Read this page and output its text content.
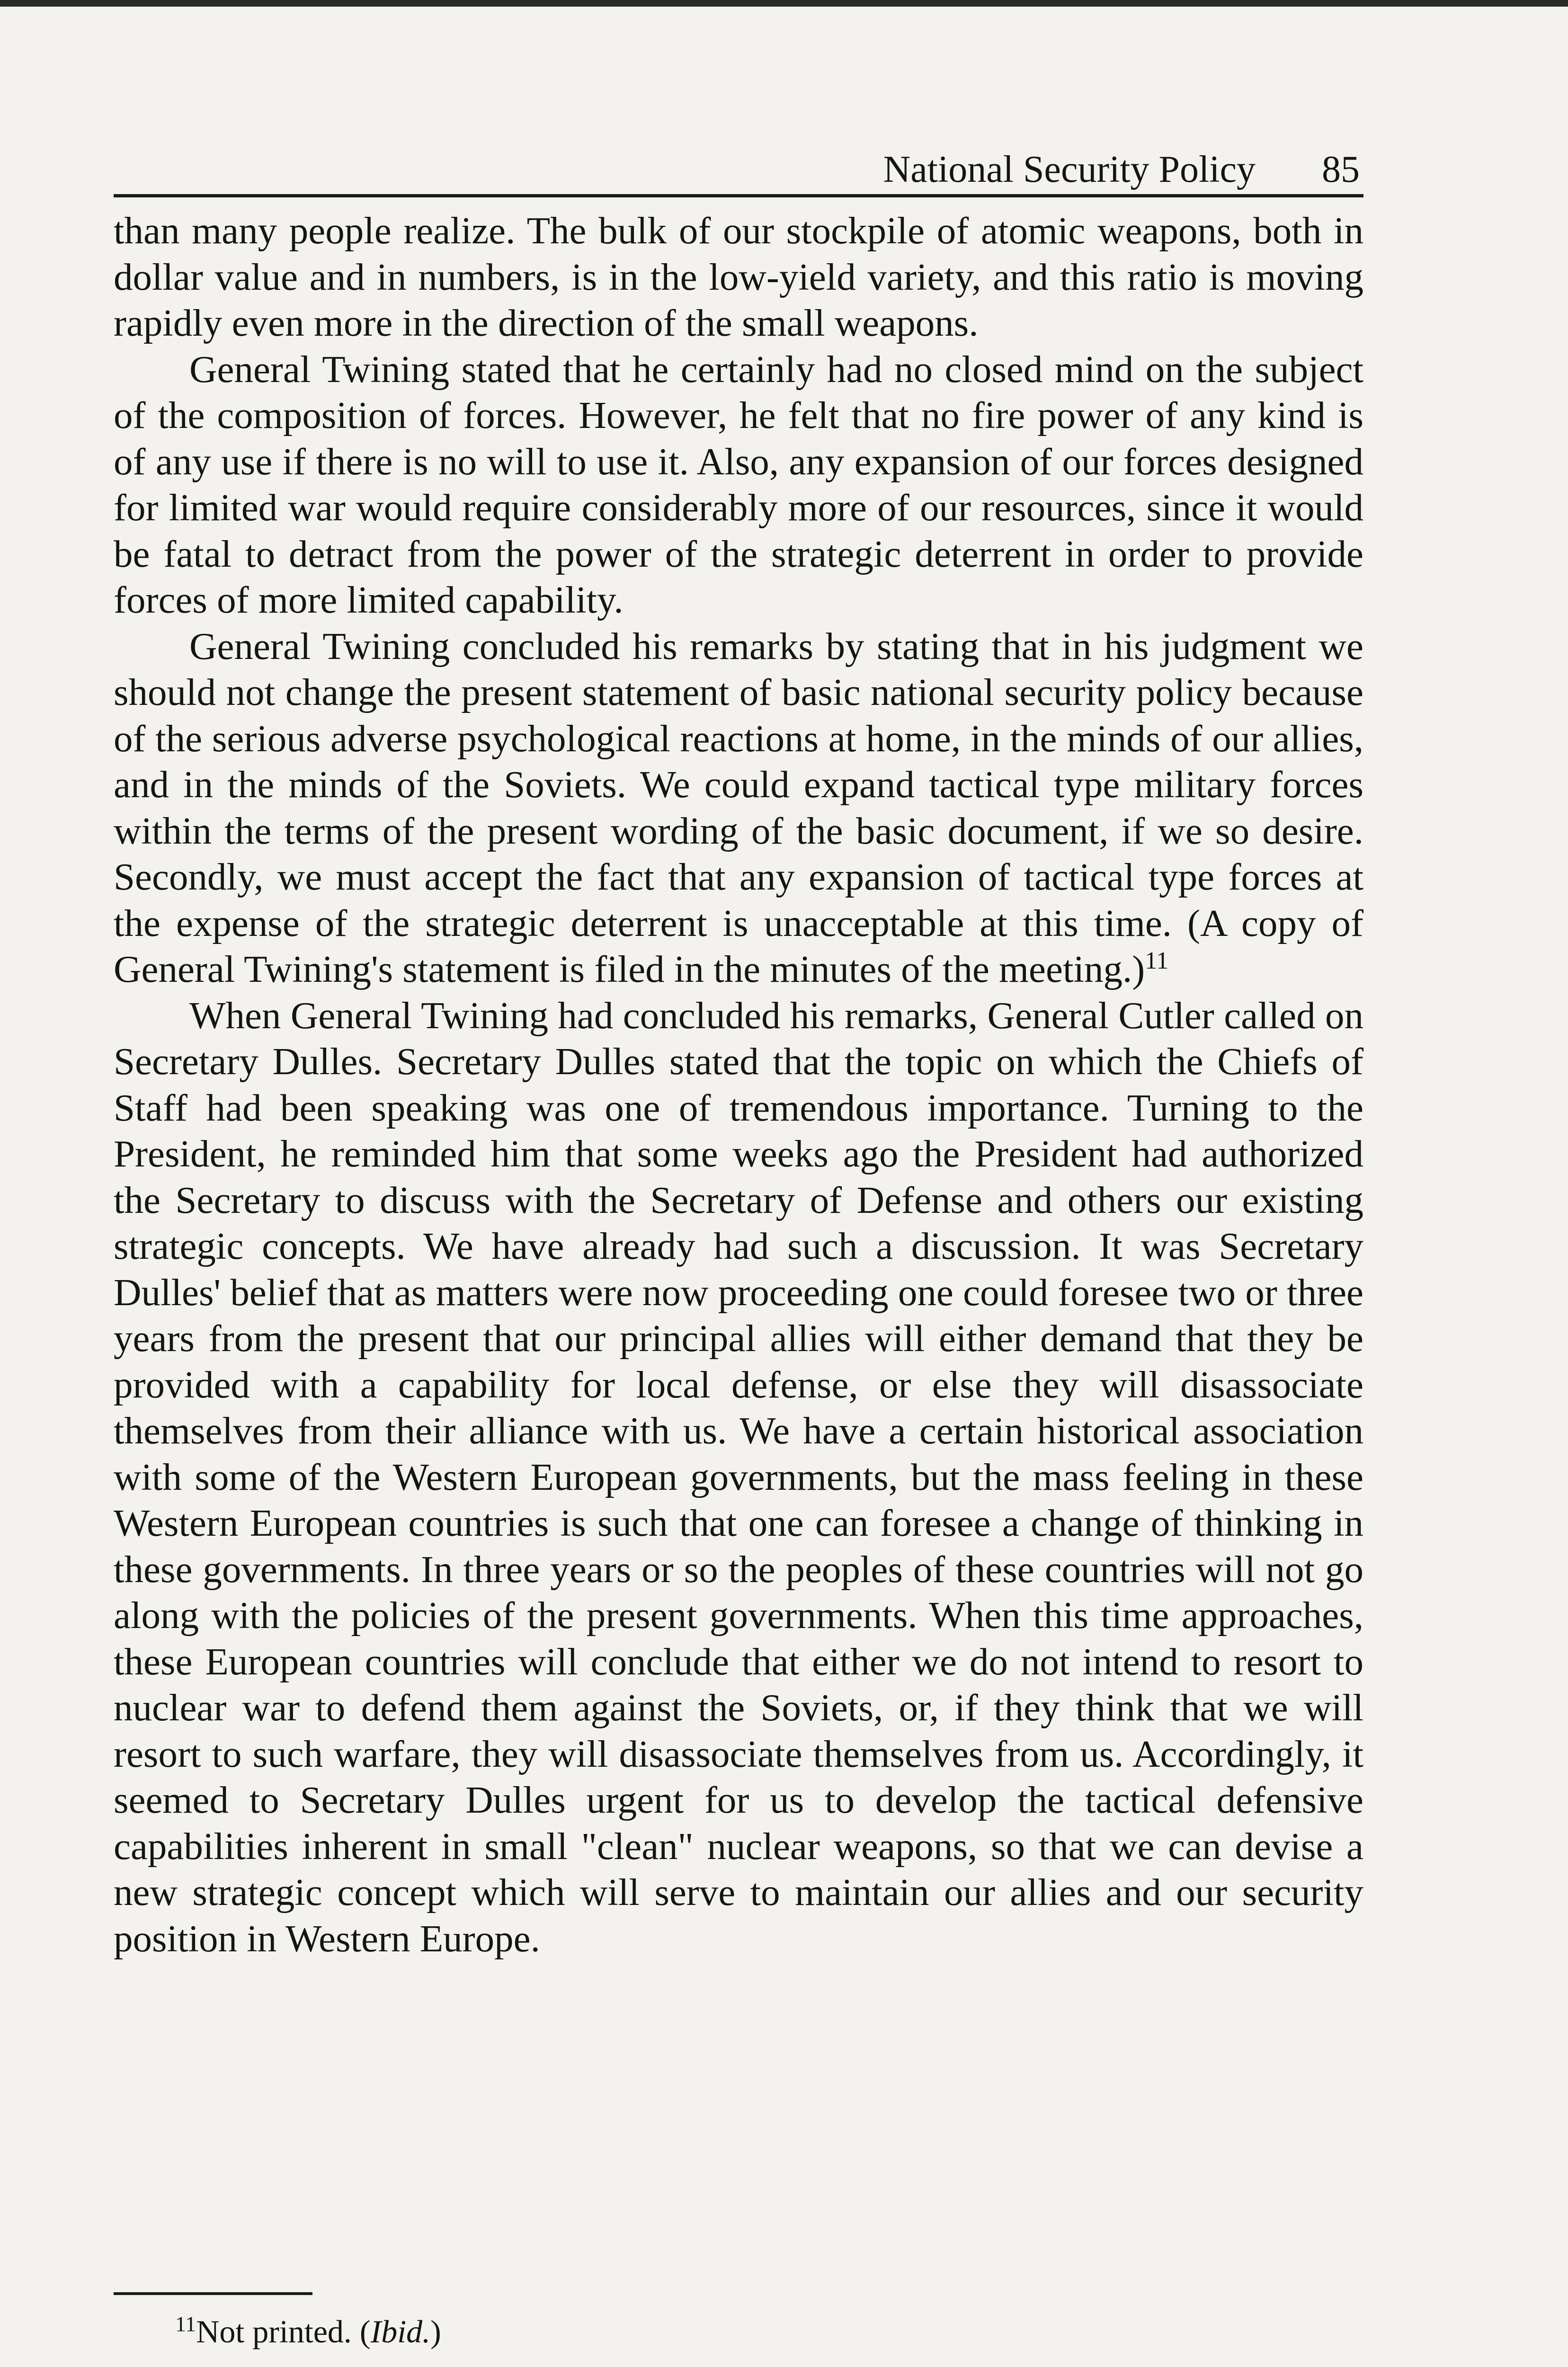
National Security Policy 85

than many people realize. The bulk of our stockpile of atomic weapons, both in dollar value and in numbers, is in the low-yield variety, and this ratio is moving rapidly even more in the direction of the small weapons.

General Twining stated that he certainly had no closed mind on the subject of the composition of forces. However, he felt that no fire power of any kind is of any use if there is no will to use it. Also, any expansion of our forces designed for limited war would require considerably more of our resources, since it would be fatal to detract from the power of the strategic deterrent in order to provide forces of more limited capability.

General Twining concluded his remarks by stating that in his judgment we should not change the present statement of basic national security policy because of the serious adverse psychological reactions at home, in the minds of our allies, and in the minds of the Soviets. We could expand tactical type military forces within the terms of the present wording of the basic document, if we so desire. Secondly, we must accept the fact that any expansion of tactical type forces at the expense of the strategic deterrent is unacceptable at this time. (A copy of General Twining's statement is filed in the minutes of the meeting.)$^{11}$

When General Twining had concluded his remarks, General Cutler called on Secretary Dulles. Secretary Dulles stated that the topic on which the Chiefs of Staff had been speaking was one of tremendous importance. Turning to the President, he reminded him that some weeks ago the President had authorized the Secretary to discuss with the Secretary of Defense and others our existing strategic concepts. We have already had such a discussion. It was Secretary Dulles' belief that as matters were now proceeding one could foresee two or three years from the present that our principal allies will either demand that they be provided with a capability for local defense, or else they will disassociate themselves from their alliance with us. We have a certain historical association with some of the Western European governments, but the mass feeling in these Western European countries is such that one can foresee a change of thinking in these governments. In three years or so the peoples of these countries will not go along with the policies of the present governments. When this time approaches, these European countries will conclude that either we do not intend to resort to nuclear war to defend them against the Soviets, or, if they think that we will resort to such warfare, they will disassociate themselves from us. Accordingly, it seemed to Secretary Dulles urgent for us to develop the tactical defensive capabilities inherent in small "clean" nuclear weapons, so that we can devise a new strategic concept which will serve to maintain our allies and our security position in Western Europe.

$^{11}$Not printed. (Ibid.)
